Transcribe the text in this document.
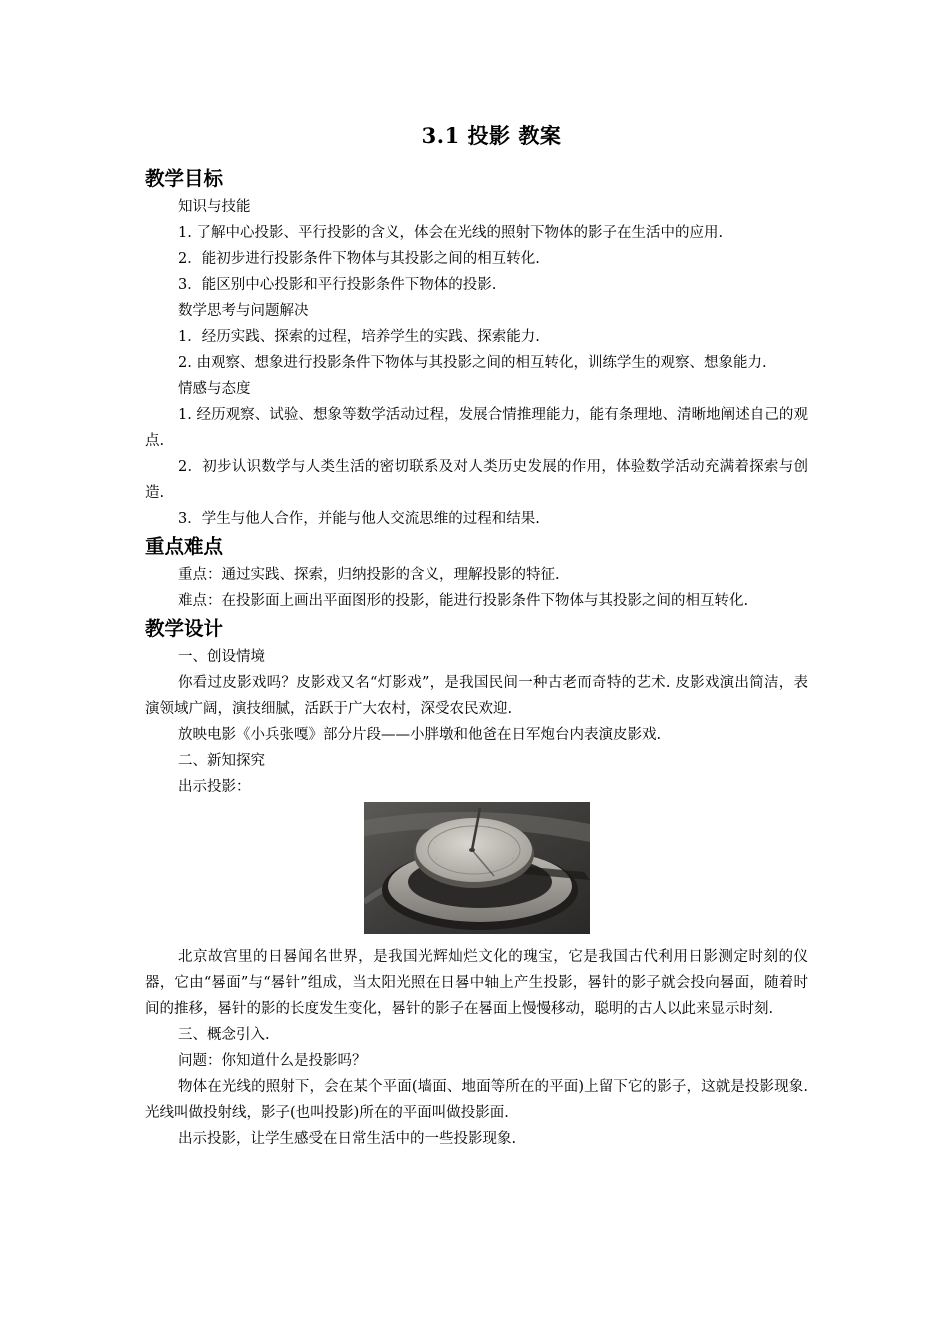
3.1 投影 教案
教学目标

知识与技能

1. 了解中心投影、平行投影的含义，体会在光线的照射下物体的影子在生活中的应用.

2．能初步进行投影条件下物体与其投影之间的相互转化.

3．能区别中心投影和平行投影条件下物体的投影.

数学思考与问题解决

1．经历实践、探索的过程，培养学生的实践、探索能力.

2. 由观察、想象进行投影条件下物体与其投影之间的相互转化，训练学生的观察、想象能力.

情感与态度

1. 经历观察、试验、想象等数学活动过程，发展合情推理能力，能有条理地、清晰地阐述自己的观点.

2．初步认识数学与人类生活的密切联系及对人类历史发展的作用，体验数学活动充满着探索与创造.

3．学生与他人合作，并能与他人交流思维的过程和结果.

重点难点

重点：通过实践、探索，归纳投影的含义，理解投影的特征.

难点：在投影面上画出平面图形的投影，能进行投影条件下物体与其投影之间的相互转化.

教学设计

一、创设情境

你看过皮影戏吗？皮影戏又名“灯影戏”，是我国民间一种古老而奇特的艺术. 皮影戏演出简洁，表演领域广阔，演技细腻，活跃于广大农村，深受农民欢迎.

放映电影《小兵张嘎》部分片段——小胖墩和他爸在日军炮台内表演皮影戏.

二、新知探究

出示投影：

·
·
·	·
·
·
·
·

北京故宫里的日晷闻名世界，是我国光辉灿烂文化的瑰宝，它是我国古代利用日影测定时刻的仪器，它由“晷面”与“晷针”组成，当太阳光照在日晷中轴上产生投影，晷针的影子就会投向晷面，随着时间的推移，晷针的影的长度发生变化，晷针的影子在晷面上慢慢移动，聪明的古人以此来显示时刻.

三、概念引入.

问题：你知道什么是投影吗？

物体在光线的照射下，会在某个平面(墙面、地面等所在的平面)上留下它的影子，这就是投影现象. 光线叫做投射线，影子(也叫投影)所在的平面叫做投影面.

出示投影，让学生感受在日常生活中的一些投影现象.
